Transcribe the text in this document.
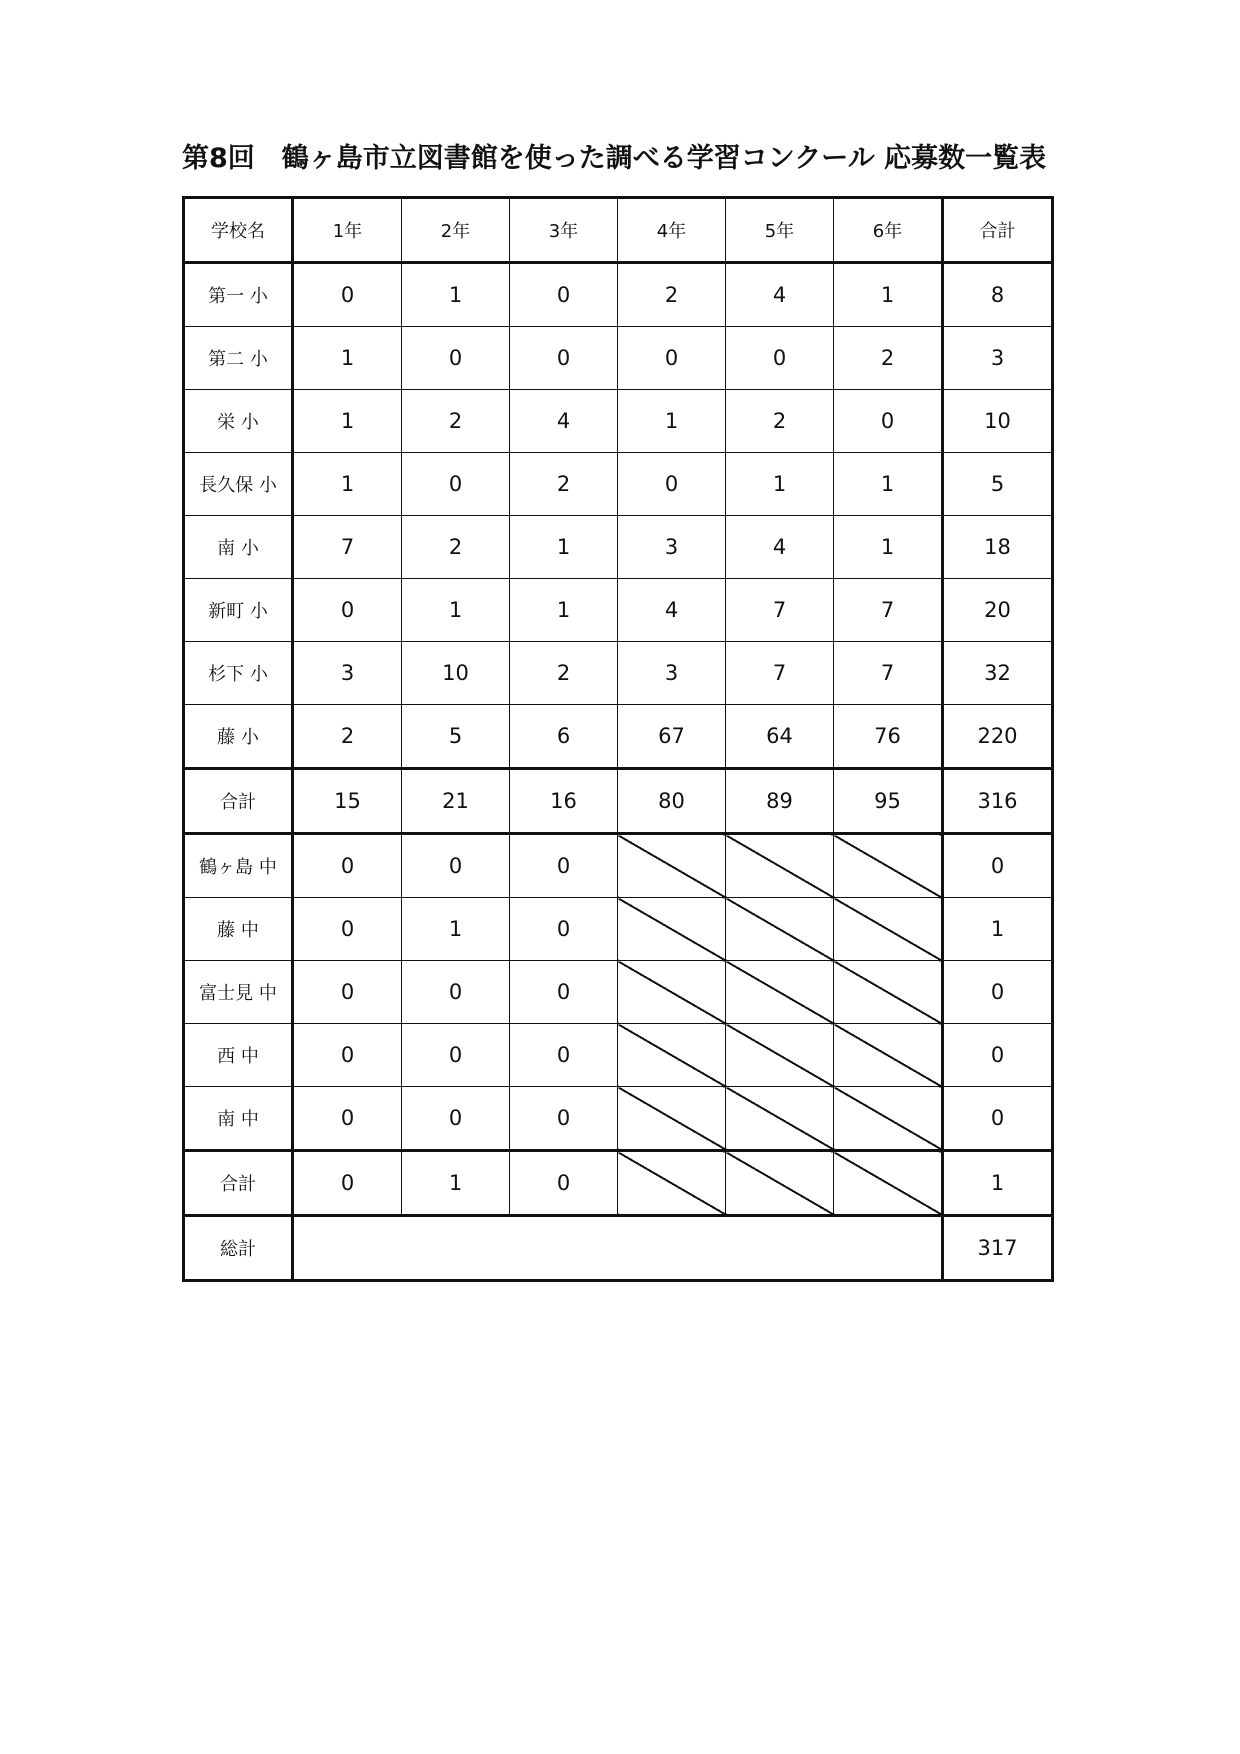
第8回　鶴ヶ島市立図書館を使った調べる学習コンクール 応募数一覧表
学校名	1年	2年	3年	4年	5年	6年	合計
第一 小	0	1	0	2	4	1	8
第二 小	1	0	0	0	0	2	3
栄 小	1	2	4	1	2	0	10
長久保 小	1	0	2	0	1	1	5
南 小	7	2	1	3	4	1	18
新町 小	0	1	1	4	7	7	20
杉下 小	3	10	2	3	7	7	32
藤 小	2	5	6	67	64	76	220
合計	15	21	16	80	89	95	316
鶴ヶ島 中	0	0	0				0
藤 中	0	1	0				1
富士見 中	0	0	0				0
西 中	0	0	0				0
南 中	0	0	0				0
合計	0	1	0				1
総計							317
